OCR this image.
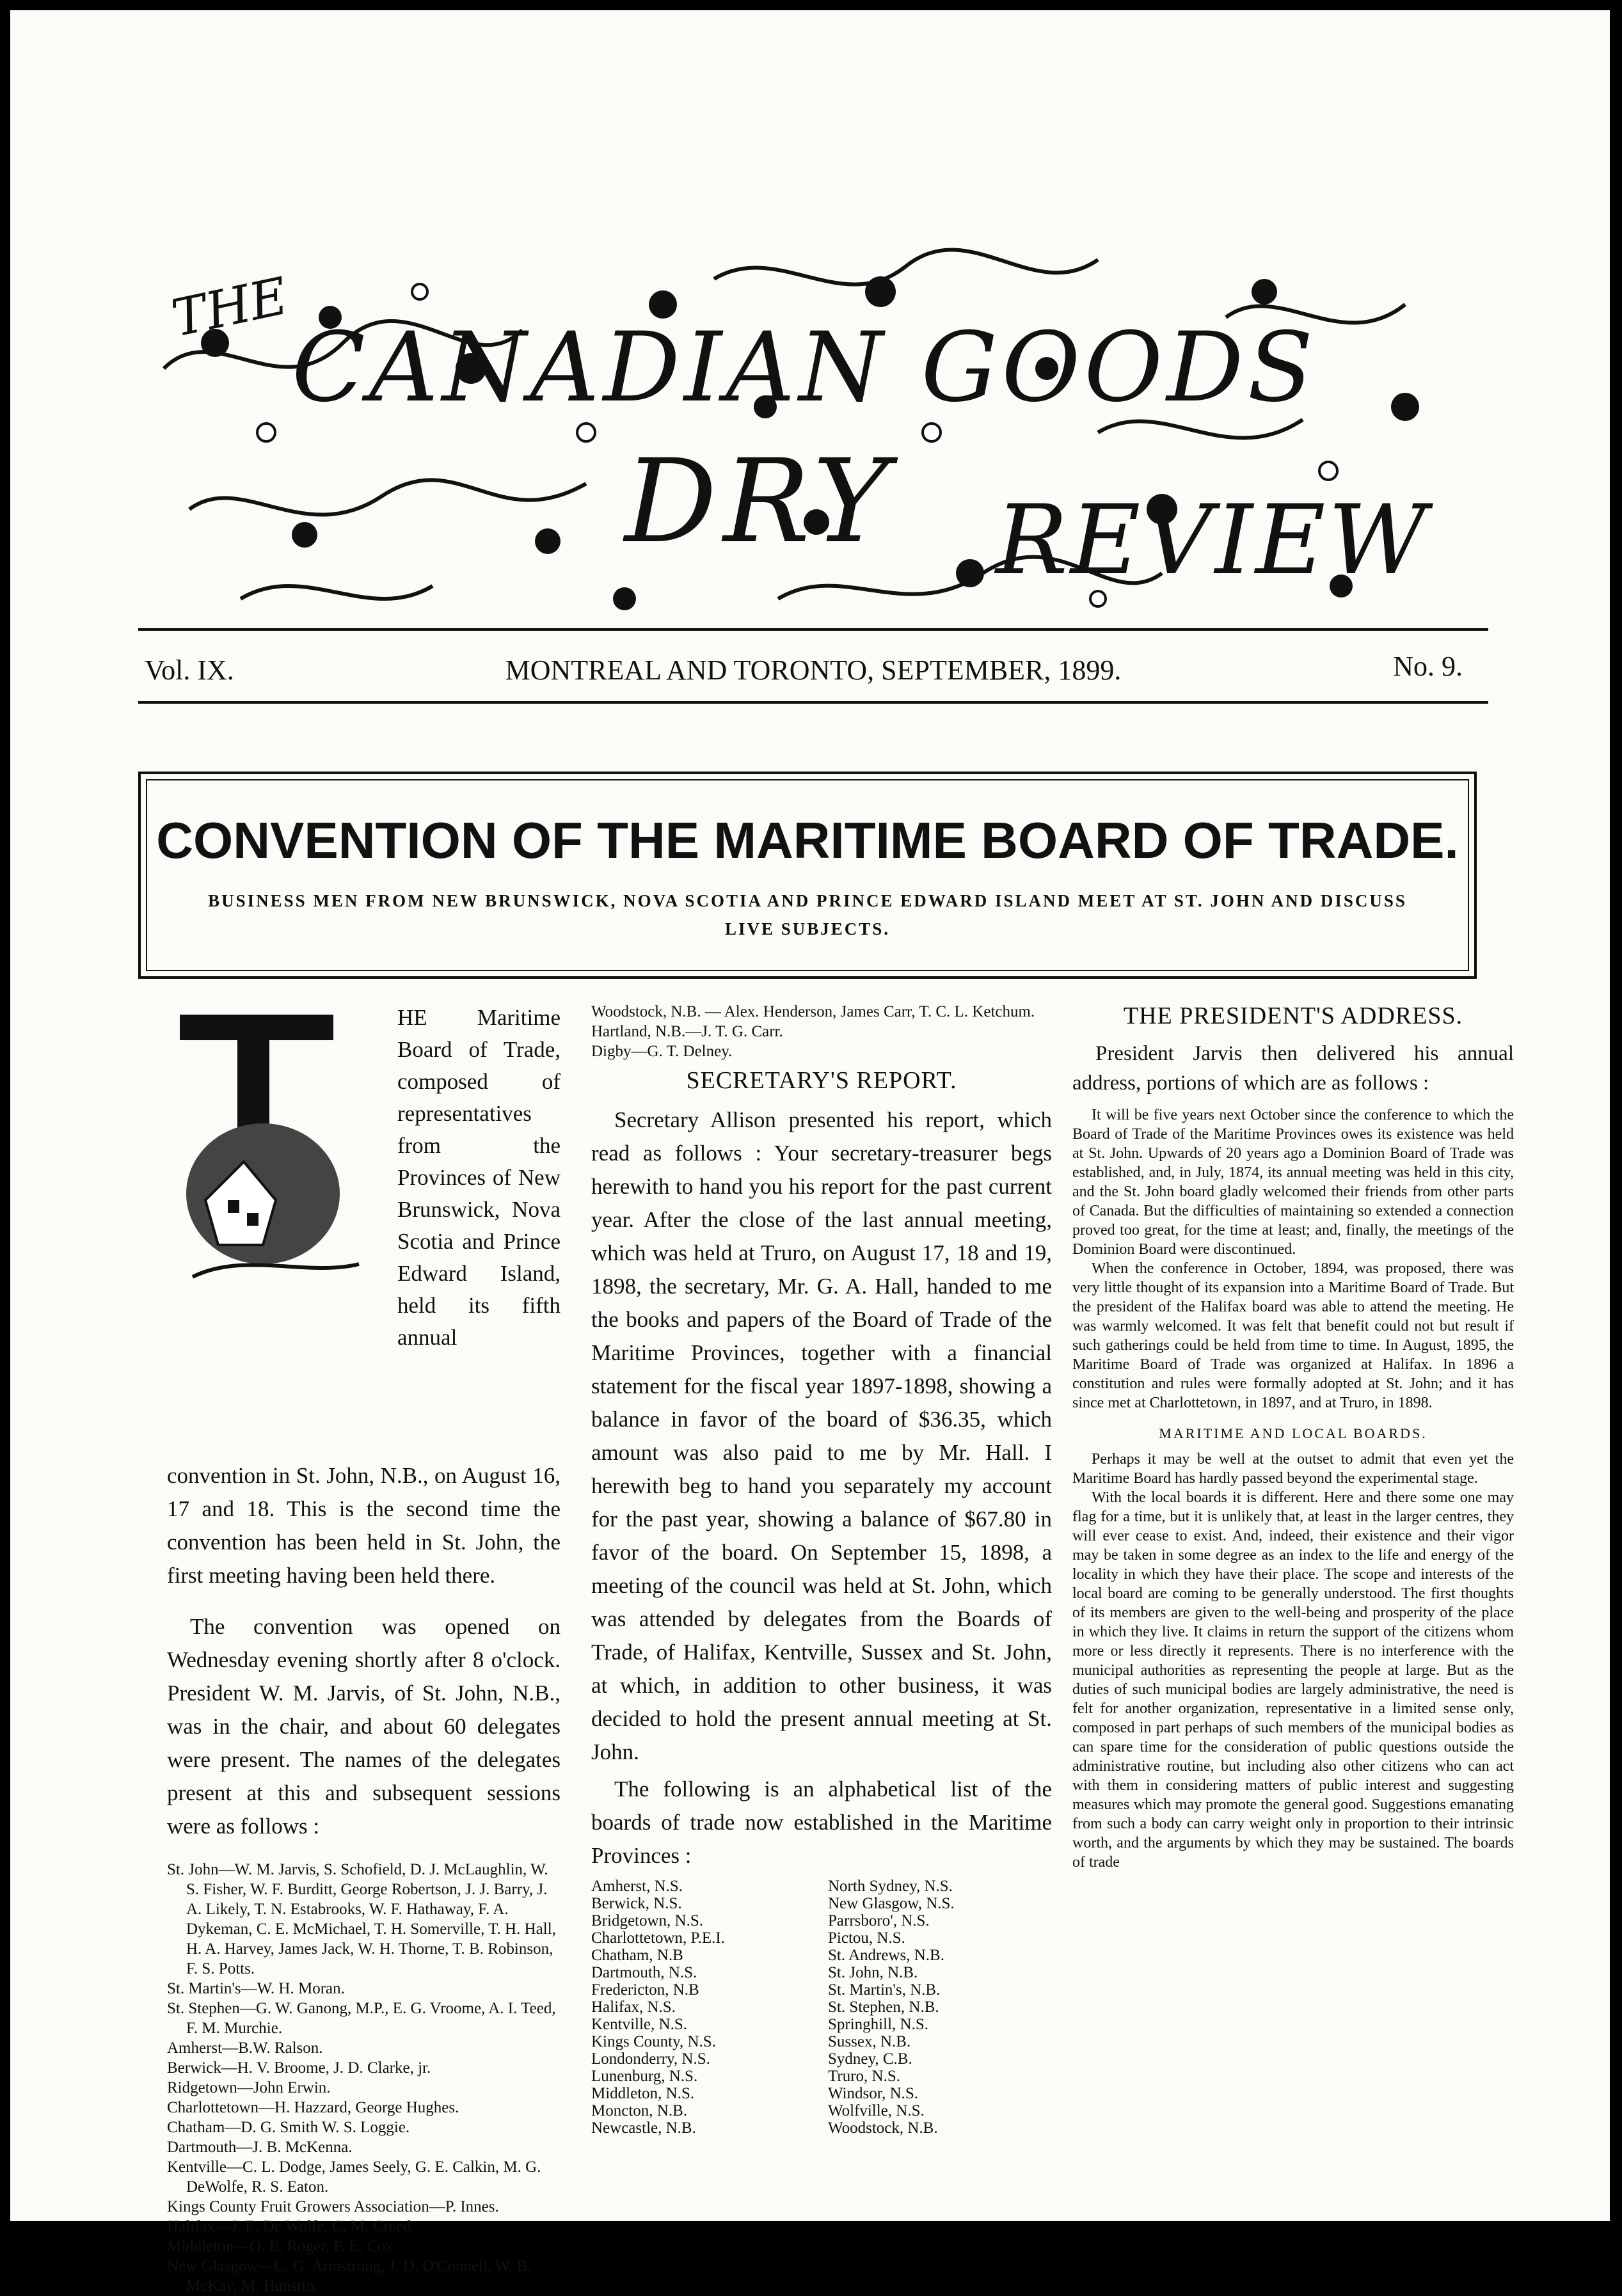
THE
CANADIAN GOODS
DRY REVIEW
Vol. IX.	MONTREAL AND TORONTO, SEPTEMBER, 1899.	No. 9.
CONVENTION OF THE MARITIME BOARD OF TRADE.
BUSINESS MEN FROM NEW BRUNSWICK, NOVA SCOTIA AND PRINCE EDWARD ISLAND MEET AT ST. JOHN AND DISCUSS LIVE SUBJECTS.
HE Maritime Board of Trade, composed of representatives from the Provinces of New Brunswick, Nova Scotia and Prince Edward Island, held its fifth annual

convention in St. John, N.B., on August 16, 17 and 18. This is the second time the convention has been held in St. John, the first meeting having been held there.

The convention was opened on Wednesday evening shortly after 8 o'clock. President W. M. Jarvis, of St. John, N.B., was in the chair, and about 60 delegates were present. The names of the delegates present at this and subsequent sessions were as follows :

St. John—W. M. Jarvis, S. Schofield, D. J. McLaughlin, W. S. Fisher, W. F. Burditt, George Robertson, J. J. Barry, J. A. Likely, T. N. Estabrooks, W. F. Hathaway, F. A. Dykeman, C. E. McMichael, T. H. Somerville, T. H. Hall, H. A. Harvey, James Jack, W. H. Thorne, T. B. Robinson, F. S. Potts.

St. Martin's—W. H. Moran.

St. Stephen—G. W. Ganong, M.P., E. G. Vroome, A. I. Teed, F. M. Murchie.

Amherst—B.W. Ralson.

Berwick—H. V. Broome, J. D. Clarke, jr.

Ridgetown—John Erwin.

Charlottetown—H. Hazzard, George Hughes.

Chatham—D. G. Smith W. S. Loggie.

Dartmouth—J. B. McKenna.

Kentville—C. L. Dodge, James Seely, G. E. Calkin, M. G. DeWolfe, R. S. Eaton.

Kings County Fruit Growers Association—P. Innes.

Halifax—J. E. De Wolfe, C. M. Creed.

Middleton—O. E. Roger, F. E. Cox.

New Glasgow—C. G. Armstrong, J. D. O'Connell, W. B. McKay, M. Hunstin.

Woodstock, N.B. — Alex. Henderson, James Carr, T. C. L. Ketchum.

Hartland, N.B.—J. T. G. Carr.

Digby—G. T. Delney.

SECRETARY'S REPORT.

Secretary Allison presented his report, which read as follows : Your secretary-treasurer begs herewith to hand you his report for the past current year. After the close of the last annual meeting, which was held at Truro, on August 17, 18 and 19, 1898, the secretary, Mr. G. A. Hall, handed to me the books and papers of the Board of Trade of the Maritime Provinces, together with a financial statement for the fiscal year 1897-1898, showing a balance in favor of the board of $36.35, which amount was also paid to me by Mr. Hall. I herewith beg to hand you separately my account for the past year, showing a balance of $67.80 in favor of the board. On September 15, 1898, a meeting of the council was held at St. John, which was attended by delegates from the Boards of Trade, of Halifax, Kentville, Sussex and St. John, at which, in addition to other business, it was decided to hold the present annual meeting at St. John.

The following is an alphabetical list of the boards of trade now established in the Maritime Provinces :

Amherst, N.S.
Berwick, N.S.
Bridgetown, N.S.
Charlottetown, P.E.I.
Chatham, N.B
Dartmouth, N.S.
Fredericton, N.B
Halifax, N.S.
Kentville, N.S.
Kings County, N.S.
Londonderry, N.S.
Lunenburg, N.S.
Middleton, N.S.
Moncton, N.B.
Newcastle, N.B.
North Sydney, N.S.
New Glasgow, N.S.
Parrsboro', N.S.
Pictou, N.S.
St. Andrews, N.B.
St. John, N.B.
St. Martin's, N.B.
St. Stephen, N.B.
Springhill, N.S.
Sussex, N.B.
Sydney, C.B.
Truro, N.S.
Windsor, N.S.
Wolfville, N.S.
Woodstock, N.B.
THE PRESIDENT'S ADDRESS.

President Jarvis then delivered his annual address, portions of which are as follows :

It will be five years next October since the conference to which the Board of Trade of the Maritime Provinces owes its existence was held at St. John. Upwards of 20 years ago a Dominion Board of Trade was established, and, in July, 1874, its annual meeting was held in this city, and the St. John board gladly welcomed their friends from other parts of Canada. But the difficulties of maintaining so extended a connection proved too great, for the time at least; and, finally, the meetings of the Dominion Board were discontinued.

When the conference in October, 1894, was proposed, there was very little thought of its expansion into a Maritime Board of Trade. But the president of the Halifax board was able to attend the meeting. He was warmly welcomed. It was felt that benefit could not but result if such gatherings could be held from time to time. In August, 1895, the Maritime Board of Trade was organized at Halifax. In 1896 a constitution and rules were formally adopted at St. John; and it has since met at Charlottetown, in 1897, and at Truro, in 1898.

MARITIME AND LOCAL BOARDS.

Perhaps it may be well at the outset to admit that even yet the Maritime Board has hardly passed beyond the experimental stage.

With the local boards it is different. Here and there some one may flag for a time, but it is unlikely that, at least in the larger centres, they will ever cease to exist. And, indeed, their existence and their vigor may be taken in some degree as an index to the life and energy of the locality in which they have their place. The scope and interests of the local board are coming to be generally understood. The first thoughts of its members are given to the well-being and prosperity of the place in which they live. It claims in return the support of the citizens whom more or less directly it represents. There is no interference with the municipal authorities as representing the people at large. But as the duties of such municipal bodies are largely administrative, the need is felt for another organization, representative in a limited sense only, composed in part perhaps of such members of the municipal bodies as can spare time for the consideration of public questions outside the administrative routine, but including also other citizens who can act with them in considering matters of public interest and suggesting measures which may promote the general good. Suggestions emanating from such a body can carry weight only in proportion to their intrinsic worth, and the arguments by which they may be sustained. The boards of trade
